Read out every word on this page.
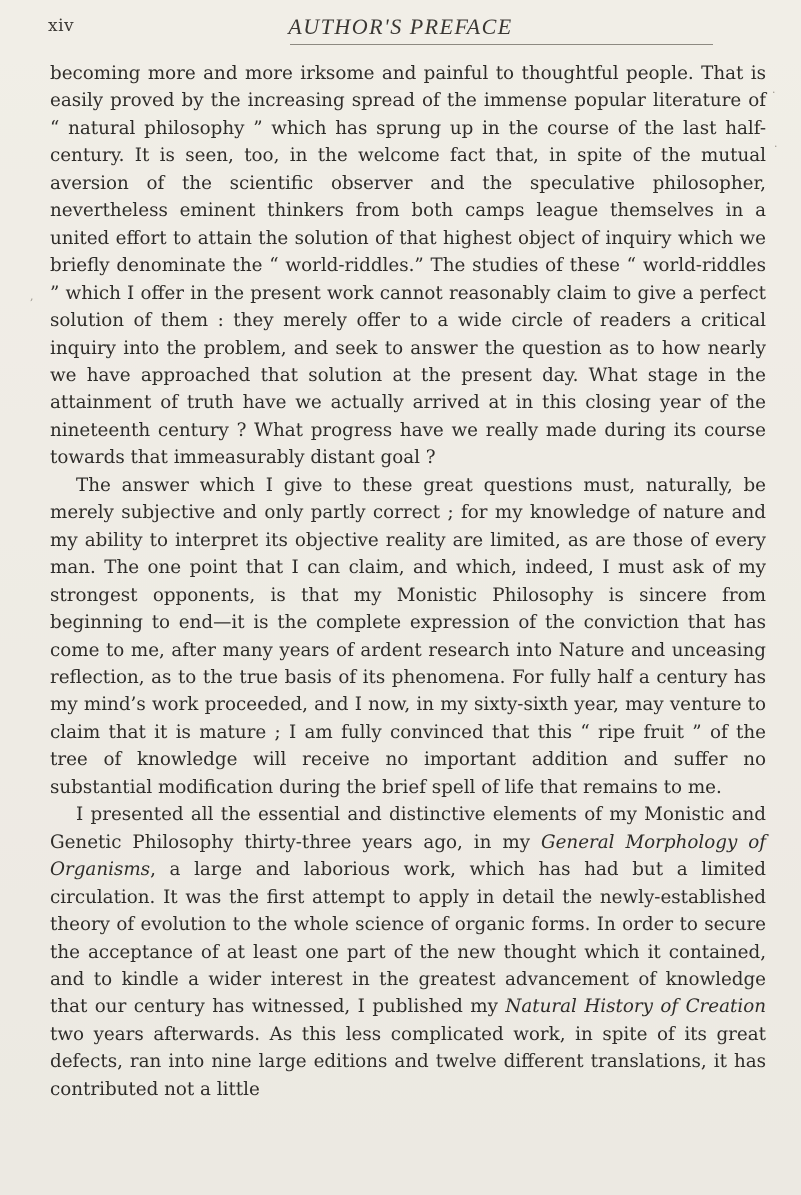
xiv	AUTHOR'S PREFACE

becoming more and more irksome and painful to thoughtful people. That is easily proved by the increasing spread of the immense popular literature of “ natural philosophy ” which has sprung up in the course of the last half-century. It is seen, too, in the welcome fact that, in spite of the mutual aversion of the scientific observer and the speculative philosopher, nevertheless eminent thinkers from both camps league themselves in a united effort to attain the solution of that highest object of inquiry which we briefly denominate the “ world-riddles.” The studies of these “ world-riddles ” which I offer in the present work cannot reasonably claim to give a perfect solution of them : they merely offer to a wide circle of readers a critical inquiry into the problem, and seek to answer the question as to how nearly we have approached that solution at the present day. What stage in the attainment of truth have we actually arrived at in this closing year of the nineteenth century ? What progress have we really made during its course towards that immeasurably distant goal ?

The answer which I give to these great questions must, naturally, be merely subjective and only partly correct ; for my knowledge of nature and my ability to interpret its objective reality are limited, as are those of every man. The one point that I can claim, and which, indeed, I must ask of my strongest opponents, is that my Monistic Philosophy is sincere from beginning to end—it is the complete expression of the conviction that has come to me, after many years of ardent research into Nature and unceasing reflection, as to the true basis of its phenomena. For fully half a century has my mind’s work proceeded, and I now, in my sixty-sixth year, may venture to claim that it is mature ; I am fully convinced that this “ ripe fruit ” of the tree of knowledge will receive no important addition and suffer no substantial modification during the brief spell of life that remains to me.

I presented all the essential and distinctive elements of my Monistic and Genetic Philosophy thirty-three years ago, in my General Morphology of Organisms, a large and laborious work, which has had but a limited circulation. It was the first attempt to apply in detail the newly-established theory of evolution to the whole science of organic forms. In order to secure the acceptance of at least one part of the new thought which it contained, and to kindle a wider interest in the greatest advancement of knowledge that our century has witnessed, I published my Natural History of Creation two years afterwards. As this less complicated work, in spite of its great defects, ran into nine large editions and twelve different translations, it has contributed not a little

·
·
,
